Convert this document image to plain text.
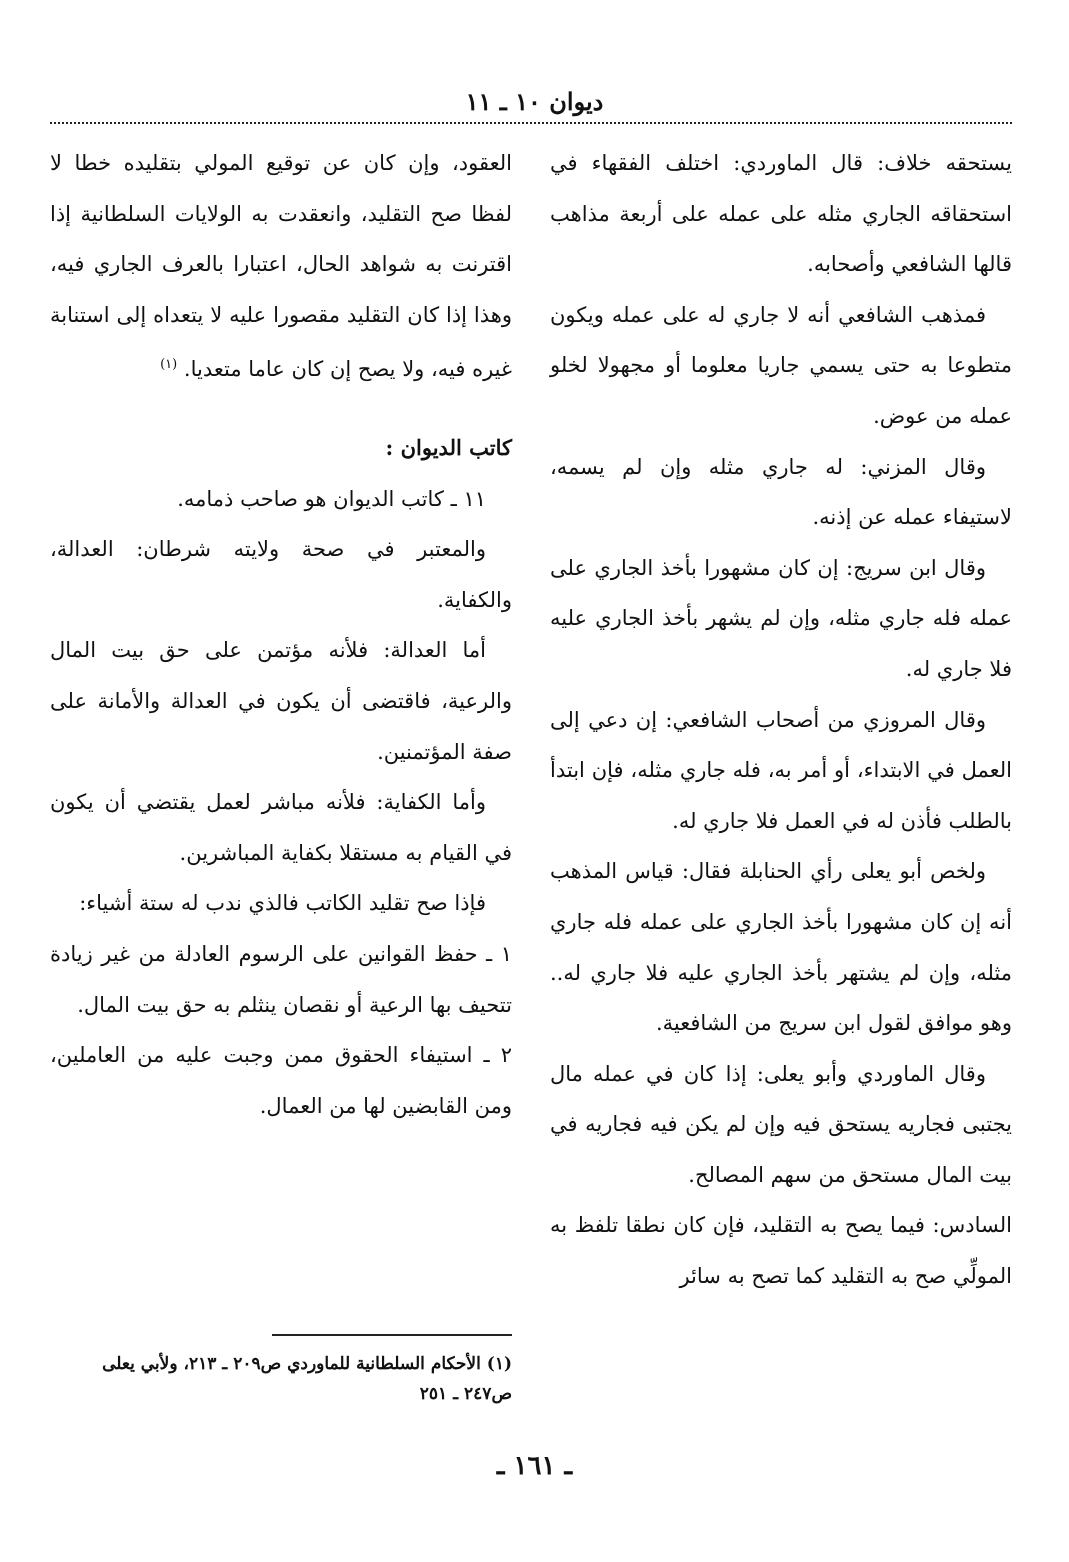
ديوان ١٠ ـ ١١

يستحقه خلاف: قال الماوردي: اختلف الفقهاء في استحقاقه الجاري مثله على عمله على أربعة مذاهب قالها الشافعي وأصحابه.

فمذهب الشافعي أنه لا جاري له على عمله ويكون متطوعا به حتى يسمي جاريا معلوما أو مجهولا لخلو عمله من عوض.

وقال المزني: له جاري مثله وإن لم يسمه، لاستيفاء عمله عن إذنه.

وقال ابن سريج: إن كان مشهورا بأخذ الجاري على عمله فله جاري مثله، وإن لم يشهر بأخذ الجاري عليه فلا جاري له.

وقال المروزي من أصحاب الشافعي: إن دعي إلى العمل في الابتداء، أو أمر به، فله جاري مثله، فإن ابتدأ بالطلب فأذن له في العمل فلا جاري له.

ولخص أبو يعلى رأي الحنابلة فقال: قياس المذهب أنه إن كان مشهورا بأخذ الجاري على عمله فله جاري مثله، وإن لم يشتهر بأخذ الجاري عليه فلا جاري له.. وهو موافق لقول ابن سريج من الشافعية.

وقال الماوردي وأبو يعلى: إذا كان في عمله مال يجتبى فجاريه يستحق فيه وإن لم يكن فيه فجاريه في بيت المال مستحق من سهم المصالح.

السادس: فيما يصح به التقليد، فإن كان نطقا تلفظ به المولِّي صح به التقليد كما تصح به سائر

العقود، وإن كان عن توقيع المولي بتقليده خطا لا لفظا صح التقليد، وانعقدت به الولايات السلطانية إذا اقترنت به شواهد الحال، اعتبارا بالعرف الجاري فيه، وهذا إذا كان التقليد مقصورا عليه لا يتعداه إلى استنابة غيره فيه، ولا يصح إن كان عاما متعديا. $^{(١)}$

كاتب الديوان :

١١ ـ كاتب الديوان هو صاحب ذمامه.

والمعتبر في صحة ولايته شرطان: العدالة، والكفاية.

أما العدالة: فلأنه مؤتمن على حق بيت المال والرعية، فاقتضى أن يكون في العدالة والأمانة على صفة المؤتمنين.

وأما الكفاية: فلأنه مباشر لعمل يقتضي أن يكون في القيام به مستقلا بكفاية المباشرين.

فإذا صح تقليد الكاتب فالذي ندب له ستة أشياء:

١ ـ حفظ القوانين على الرسوم العادلة من غير زيادة تتحيف بها الرعية أو نقصان ينثلم به حق بيت المال.

٢ ـ استيفاء الحقوق ممن وجبت عليه من العاملين، ومن القابضين لها من العمال.

(١) الأحكام السلطانية للماوردي ص٢٠٩ ـ ٢١٣، ولأبي يعلى ص٢٤٧ ـ ٢٥١
ـ ١٦١ ـ
